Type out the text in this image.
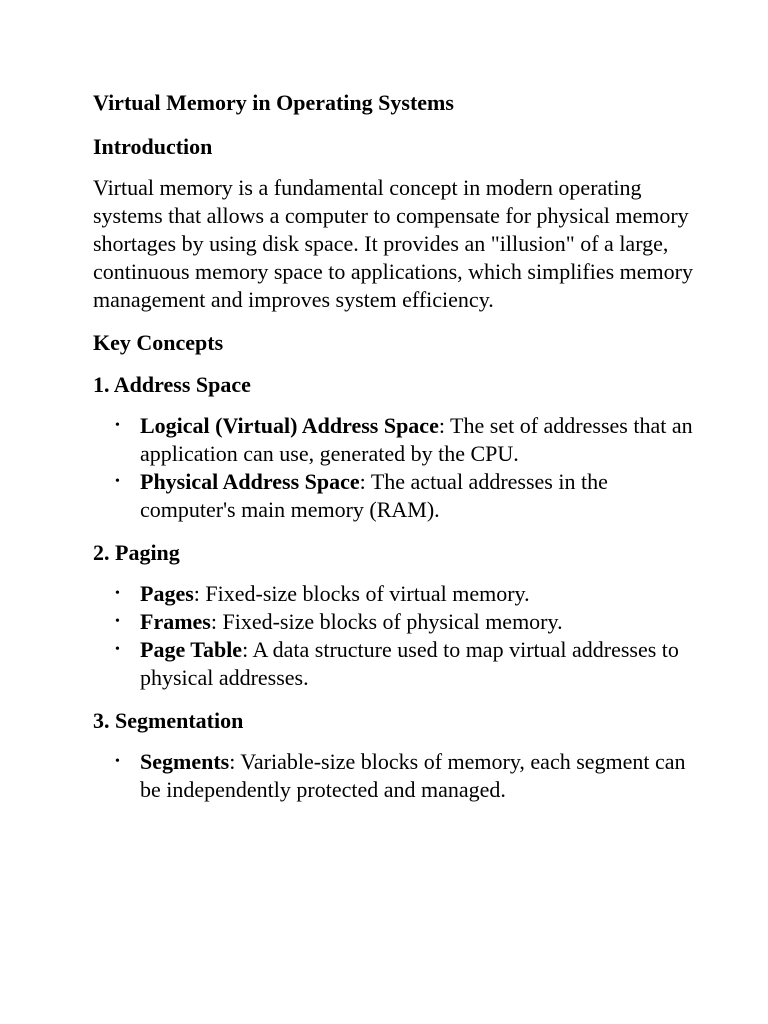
Virtual Memory in Operating Systems
Introduction

Virtual memory is a fundamental concept in modern operating systems that allows a computer to compensate for physical memory shortages by using disk space. It provides an "illusion" of a large, continuous memory space to applications, which simplifies memory management and improves system efficiency.

Key Concepts
1. Address Space
• Logical (Virtual) Address Space: The set of addresses that an application can use, generated by the CPU.
• Physical Address Space: The actual addresses in the computer's main memory (RAM).
2. Paging
• Pages: Fixed-size blocks of virtual memory.
• Frames: Fixed-size blocks of physical memory.
• Page Table: A data structure used to map virtual addresses to physical addresses.
3. Segmentation
• Segments: Variable-size blocks of memory, each segment can be independently protected and managed.
